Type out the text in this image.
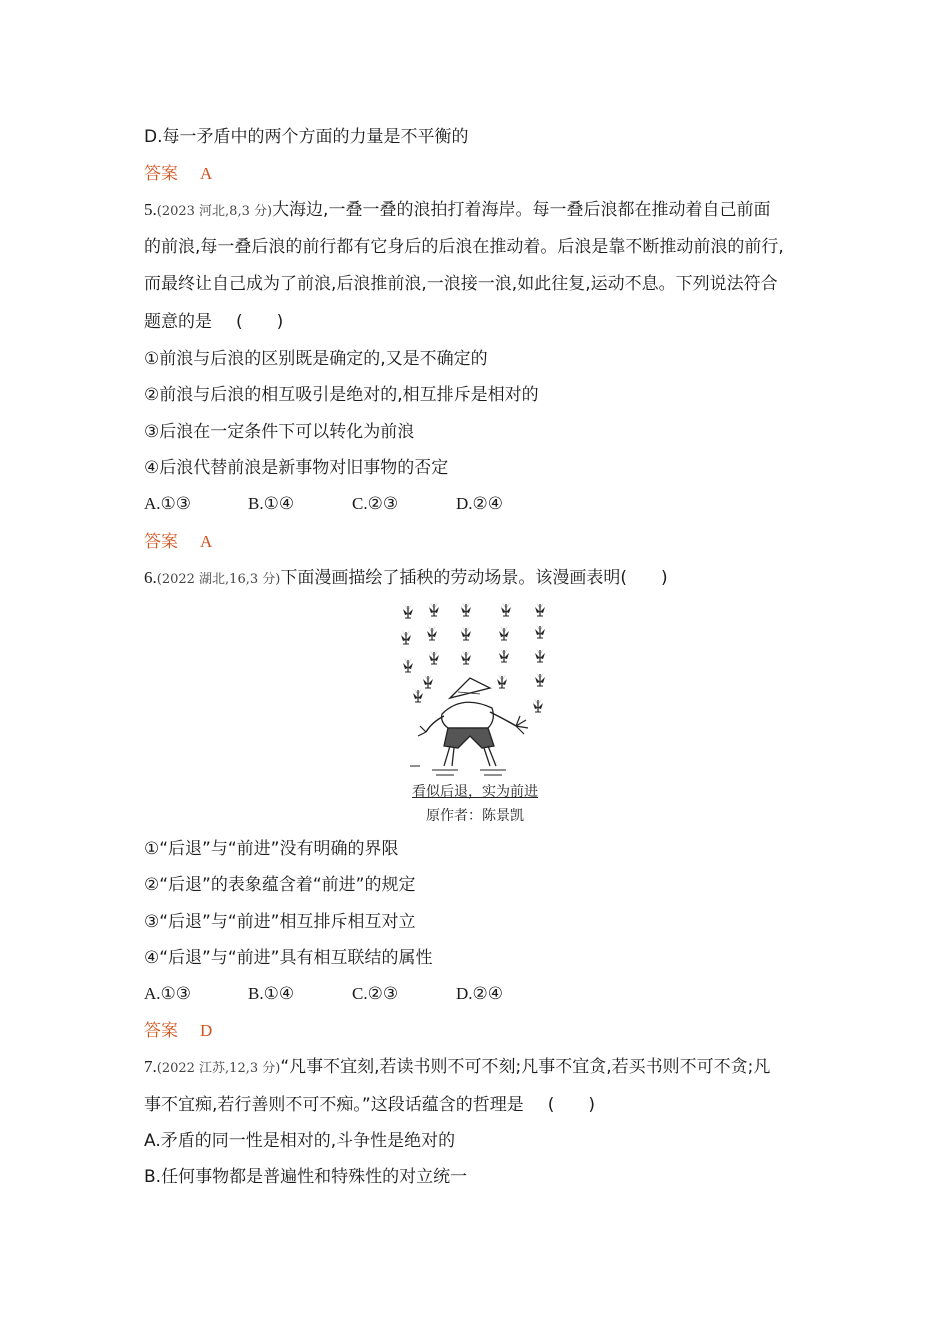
D.每一矛盾中的两个方面的力量是不平衡的
答案 A
5.(2023 河北,8,3 分)大海边,一叠一叠的浪拍打着海岸。每一叠后浪都在推动着自己前面
的前浪,每一叠后浪的前行都有它身后的后浪在推动着。后浪是靠不断推动前浪的前行,
而最终让自己成为了前浪,后浪推前浪,一浪接一浪,如此往复,运动不息。下列说法符合
题意的是 (　　)
①前浪与后浪的区别既是确定的,又是不确定的
②前浪与后浪的相互吸引是绝对的,相互排斥是相对的
③后浪在一定条件下可以转化为前浪
④后浪代替前浪是新事物对旧事物的否定
A.①③	B.①④	C.②③	D.②④
答案 A
6.(2022 湖北,16,3 分)下面漫画描绘了插秧的劳动场景。该漫画表明(　　)
看似后退，实为前进
原作者：陈景凯
①“后退”与“前进”没有明确的界限
②“后退”的表象蕴含着“前进”的规定
③“后退”与“前进”相互排斥相互对立
④“后退”与“前进”具有相互联结的属性
A.①③	B.①④	C.②③	D.②④
答案 D
7.(2022 江苏,12,3 分)“凡事不宜刻,若读书则不可不刻;凡事不宜贪,若买书则不可不贪;凡
事不宜痴,若行善则不可不痴。”这段话蕴含的哲理是 (　　)
A.矛盾的同一性是相对的,斗争性是绝对的
B.任何事物都是普遍性和特殊性的对立统一
